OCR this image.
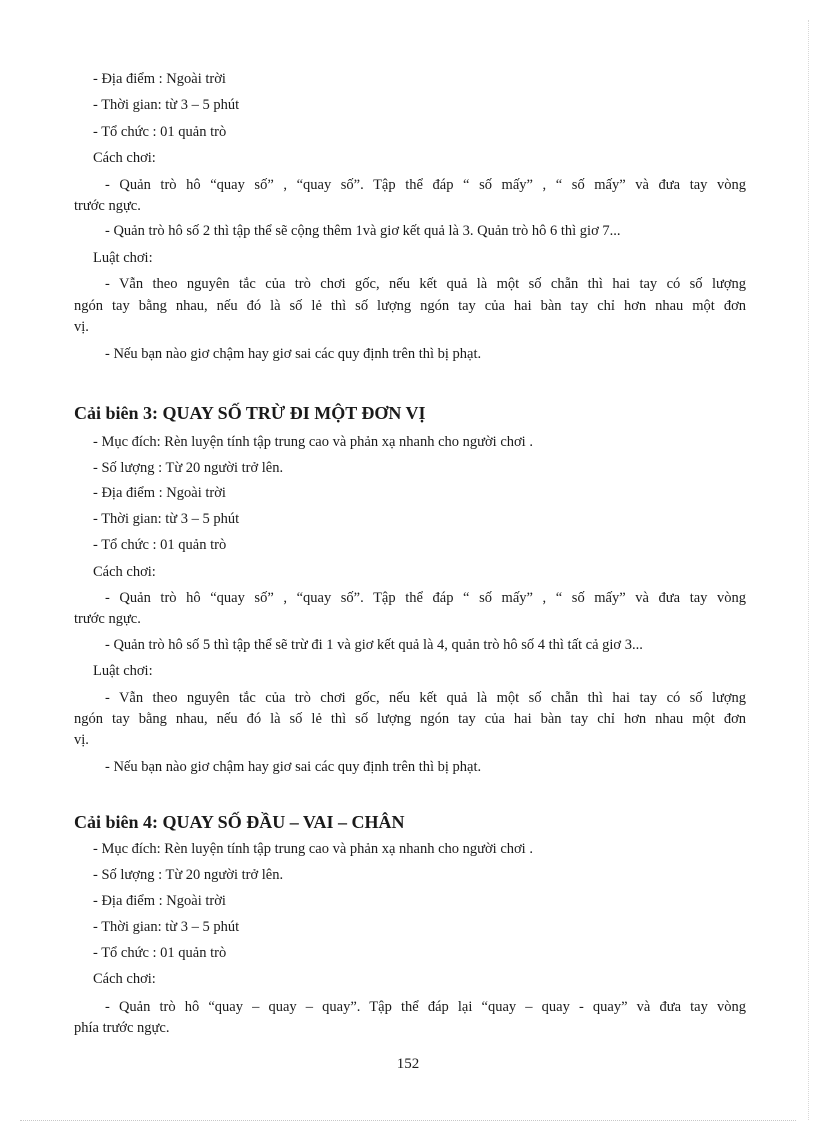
- Địa điểm : Ngoài trời
- Thời gian: từ 3 – 5 phút
- Tổ chức : 01 quản trò
Cách chơi:
- Quản trò hô “quay số” , “quay số”. Tập thể đáp “ số mấy” , “ số mấy” và đưa tay vòng
trước ngực.
- Quản trò hô số 2 thì tập thể sẽ cộng thêm 1và giơ kết quả là 3. Quản trò hô 6 thì giơ 7...
Luật chơi:
- Vẫn theo nguyên tắc của trò chơi gốc, nếu kết quả là một số chẵn thì hai tay có số lượng
ngón tay bằng nhau, nếu đó là số lẻ thì số lượng ngón tay của hai bàn tay chỉ hơn nhau một đơn
vị.
- Nếu bạn nào giơ chậm hay giơ sai các quy định trên thì bị phạt.
Cải biên 3: QUAY SỐ TRỪ ĐI MỘT ĐƠN VỊ
- Mục đích: Rèn luyện tính tập trung cao và phản xạ nhanh cho người chơi .
- Số lượng : Từ 20 người trở lên.
- Địa điểm : Ngoài trời
- Thời gian: từ 3 – 5 phút
- Tổ chức : 01 quản trò
Cách chơi:
- Quản trò hô “quay số” , “quay số”. Tập thể đáp “ số mấy” , “ số mấy” và đưa tay vòng
trước ngực.
- Quản trò hô số 5 thì tập thể sẽ trừ đi 1 và giơ kết quả là 4, quản trò hô số 4 thì tất cả giơ 3...
Luật chơi:
- Vẫn theo nguyên tắc của trò chơi gốc, nếu kết quả là một số chẵn thì hai tay có số lượng
ngón tay bằng nhau, nếu đó là số lẻ thì số lượng ngón tay của hai bàn tay chỉ hơn nhau một đơn
vị.
- Nếu bạn nào giơ chậm hay giơ sai các quy định trên thì bị phạt.
Cải biên 4: QUAY SỐ ĐẦU – VAI – CHÂN
- Mục đích: Rèn luyện tính tập trung cao và phản xạ nhanh cho người chơi .
- Số lượng : Từ 20 người trở lên.
- Địa điểm : Ngoài trời
- Thời gian: từ 3 – 5 phút
- Tổ chức : 01 quản trò
Cách chơi:
- Quản trò hô “quay – quay – quay”. Tập thể đáp lại “quay – quay - quay” và đưa tay vòng
phía trước ngực.
152
